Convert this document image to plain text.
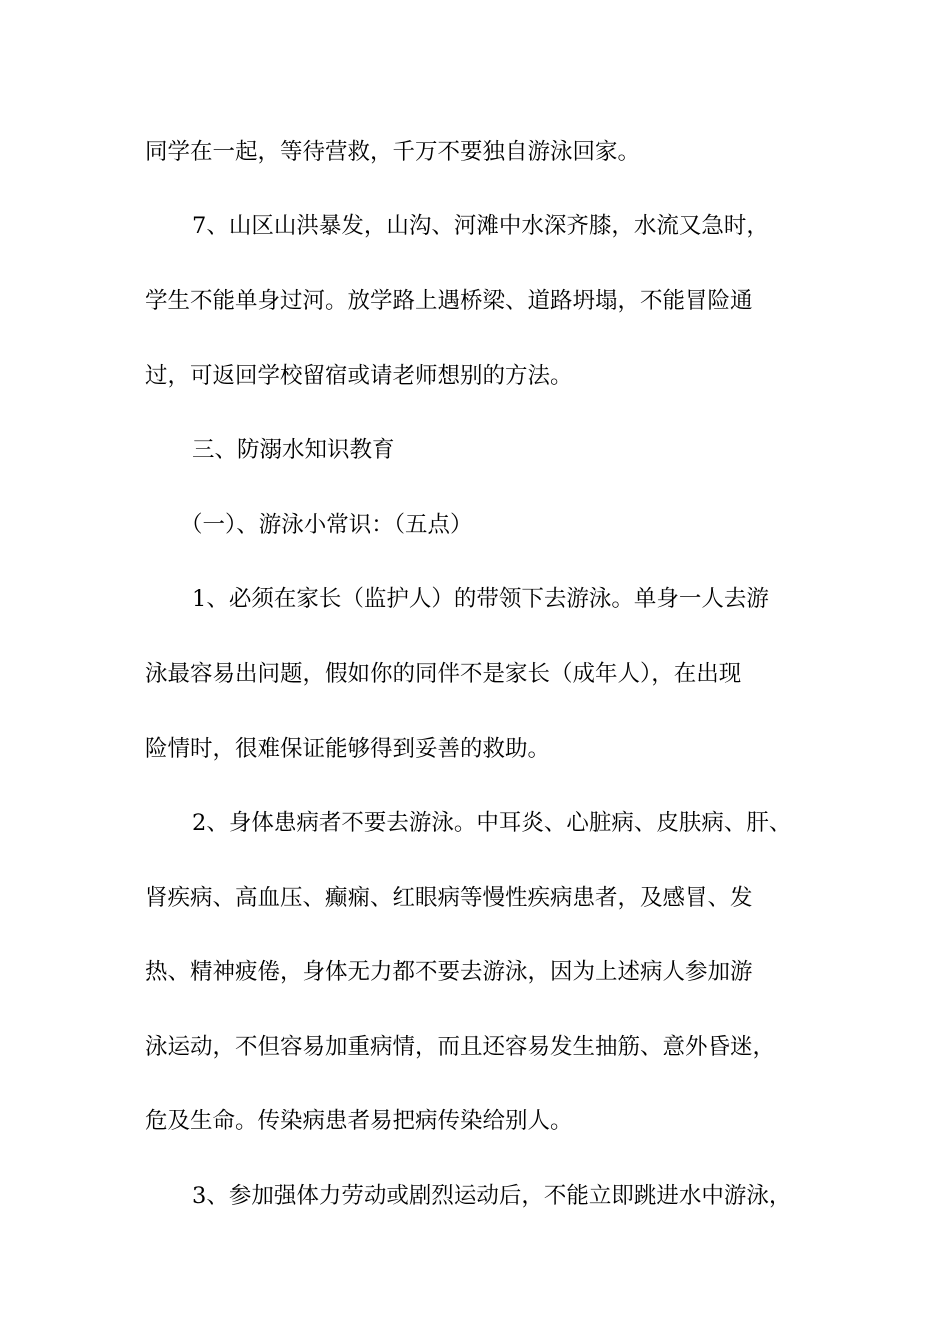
同学在一起，等待营救，千万不要独自游泳回家。
7、山区山洪暴发，山沟、河滩中水深齐膝，水流又急时，
学生不能单身过河。放学路上遇桥梁、道路坍塌，不能冒险通
过，可返回学校留宿或请老师想别的方法。
三、防溺水知识教育
（一）、游泳小常识：（五点）
1、必须在家长（监护人）的带领下去游泳。单身一人去游
泳最容易出问题，假如你的同伴不是家长（成年人），在出现
险情时，很难保证能够得到妥善的救助。
2、身体患病者不要去游泳。中耳炎、心脏病、皮肤病、肝、
肾疾病、高血压、癫痫、红眼病等慢性疾病患者，及感冒、发
热、精神疲倦，身体无力都不要去游泳，因为上述病人参加游
泳运动，不但容易加重病情，而且还容易发生抽筋、意外昏迷，
危及生命。传染病患者易把病传染给别人。
3、参加强体力劳动或剧烈运动后，不能立即跳进水中游泳，
